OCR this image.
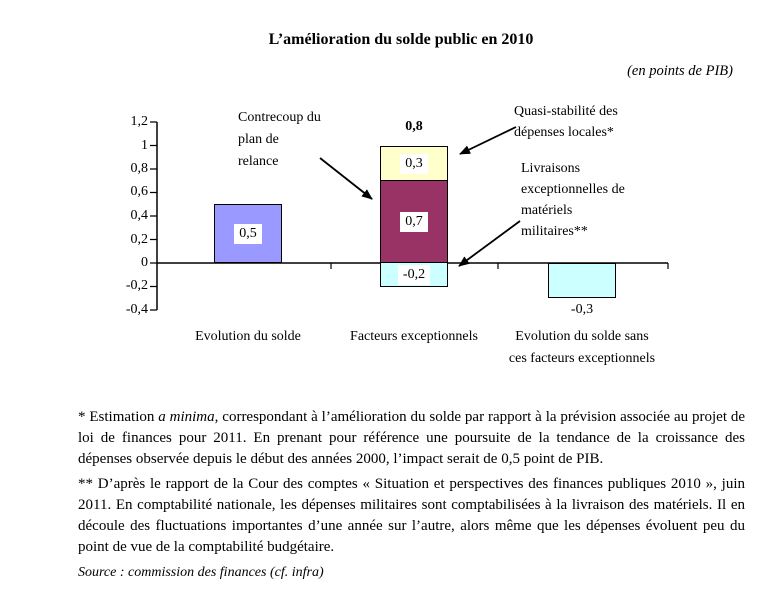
L’amélioration du solde public en 2010
(en points de PIB)
1,2
1
0,8
0,6
0,4
0,2
0
-0,2
-0,4
0,5
0,8
0,3
0,7
-0,2
-0,3
Evolution du solde	Facteurs exceptionnels	Evolution du solde sans ces facteurs exceptionnels
Contrecoup du plan de relance
Quasi-stabilité des dépenses locales*
Livraisons exceptionnelles de matériels militaires**

* Estimation a minima, correspondant à l’amélioration du solde par rapport à la prévision associée au projet de loi de finances pour 2011. En prenant pour référence une poursuite de la tendance de la croissance des dépenses observée depuis le début des années 2000, l’impact serait de 0,5 point de PIB.

** D’après le rapport de la Cour des comptes « Situation et perspectives des finances publiques 2010 », juin 2011. En comptabilité nationale, les dépenses militaires sont comptabilisées à la livraison des matériels. Il en découle des fluctuations importantes d’une année sur l’autre, alors même que les dépenses évoluent peu du point de vue de la comptabilité budgétaire.

Source : commission des finances (cf. infra)
